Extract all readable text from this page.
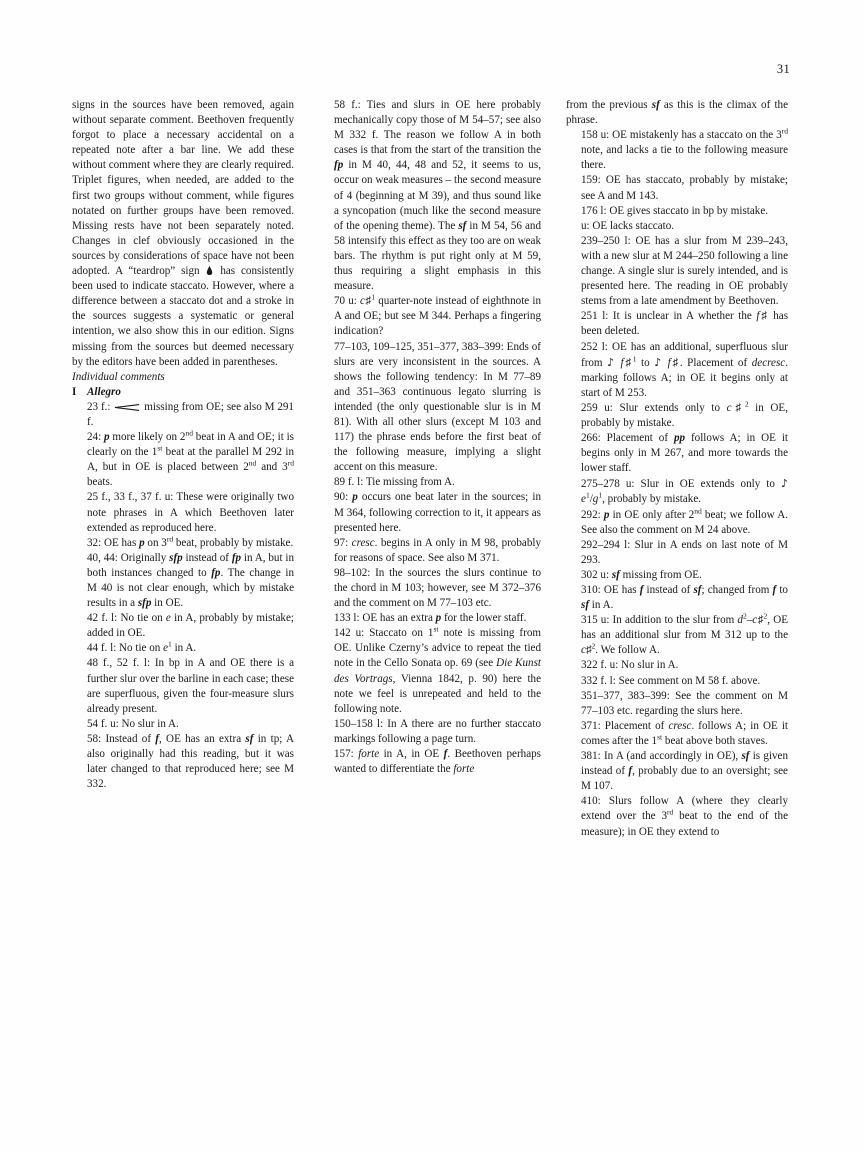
31

signs in the sources have been removed, again without separate comment. Beethoven frequently forgot to place a necessary accidental on a repeated note after a bar line. We add these without comment where they are clearly required. Triplet figures, when needed, are added to the first two groups without comment, while figures notated on further groups have been removed. Missing rests have not been separately noted. Changes in clef obviously occasioned in the sources by considerations of space have not been adopted. A “teardrop” sign  has consistently been used to indicate staccato. However, where a difference between a staccato dot and a stroke in the sources suggests a systematic or general intention, we also show this in our edition. Signs missing from the sources but deemed necessary by the editors have been added in parentheses.

Individual comments

I Allegro

23 f.:	missing from OE; see also M 291 f.

24: p more likely on 2nd beat in A and OE; it is clearly on the 1st beat at the parallel M 292 in A, but in OE is placed between 2nd and 3rd beats.

25 f., 33 f., 37 f. u: These were originally two note phrases in A which Beethoven later extended as reproduced here.

32: OE has p on 3rd beat, probably by mistake.

40, 44: Originally sfp instead of fp in A, but in both instances changed to fp. The change in M 40 is not clear enough, which by mistake results in a sfp in OE.

42 f. l: No tie on e in A, probably by mistake; added in OE.

44 f. l: No tie on $e^1$ in A.

48 f., 52 f. l: In bp in A and OE there is a further slur over the barline in each case; these are superfluous, given the four-measure slurs already present.

54 f. u: No slur in A.

58: Instead of f, OE has an extra sf in tp; A also originally had this reading, but it was later changed to that reproduced here; see M 332.

58 f.: Ties and slurs in OE here probably mechanically copy those of M 54–57; see also M 332 f. The reason we follow A in both cases is that from the start of the transition the fp in M 40, 44, 48 and 52, it seems to us, occur on weak measures – the second measure of 4 (beginning at M 39), and thus sound like a syncopation (much like the second measure of the opening theme). The sf in M 54, 56 and 58 intensify this effect as they too are on weak bars. The rhythm is put right only at M 59, thus requiring a slight emphasis in this measure.

70 u: c♯$^1$ quarter-note instead of eighthnote in A and OE; but see M 344. Perhaps a fingering indication?

77–103, 109–125, 351–377, 383–399: Ends of slurs are very inconsistent in the sources. A shows the following tendency: In M 77–89 and 351–363 continuous legato slurring is intended (the only questionable slur is in M 81). With all other slurs (except M 103 and 117) the phrase ends before the first beat of the following measure, implying a slight accent on this measure.

89 f. l: Tie missing from A.

90: p occurs one beat later in the sources; in M 364, following correction to it, it appears as presented here.

97: cresc. begins in A only in M 98, probably for reasons of space. See also M 371.

98–102: In the sources the slurs continue to the chord in M 103; however, see M 372–376 and the comment on M 77–103 etc.

133 l: OE has an extra p for the lower staff.

142 u: Staccato on 1st note is missing from OE. Unlike Czerny’s advice to repeat the tied note in the Cello Sonata op. 69 (see Die Kunst des Vortrags, Vienna 1842, p. 90) here the note we feel is unrepeated and held to the following note.

150–158 l: In A there are no further staccato markings following a page turn.

157: forte in A, in OE f. Beethoven perhaps wanted to differentiate the forte

from the previous sf as this is the climax of the phrase.

158 u: OE mistakenly has a staccato on the 3rd note, and lacks a tie to the following measure there.

159: OE has staccato, probably by mistake; see A and M 143.

176 l: OE gives staccato in bp by mistake.

u: OE lacks staccato.

239–250 l: OE has a slur from M 239–243, with a new slur at M 244–250 following a line change. A single slur is surely intended, and is presented here. The reading in OE probably stems from a late amendment by Beethoven.

251 l: It is unclear in A whether the f♯ has been deleted.

252 l: OE has an additional, superfluous slur from ♪ f♯$^1$ to ♪ f♯. Placement of decresc. marking follows A; in OE it begins only at start of M 253.

259 u: Slur extends only to c♯$^2$ in OE, probably by mistake.

266: Placement of pp follows A; in OE it begins only in M 267, and more towards the lower staff.

275–278 u: Slur in OE extends only to ♪ $e^1/g^1$, probably by mistake.

292: p in OE only after 2nd beat; we follow A. See also the comment on M 24 above.

292–294 l: Slur in A ends on last note of M 293.

302 u: sf missing from OE.

310: OE has f instead of sf; changed from f to sf in A.

315 u: In addition to the slur from $d^2-c♯^2$, OE has an additional slur from M 312 up to the c♯$^2$. We follow A.

322 f. u: No slur in A.

332 f. l: See comment on M 58 f. above.

351–377, 383–399: See the comment on M 77–103 etc. regarding the slurs here.

371: Placement of cresc. follows A; in OE it comes after the 1st beat above both staves.

381: In A (and accordingly in OE), sf is given instead of f, probably due to an oversight; see M 107.

410: Slurs follow A (where they clearly extend over the 3rd beat to the end of the measure); in OE they extend to
